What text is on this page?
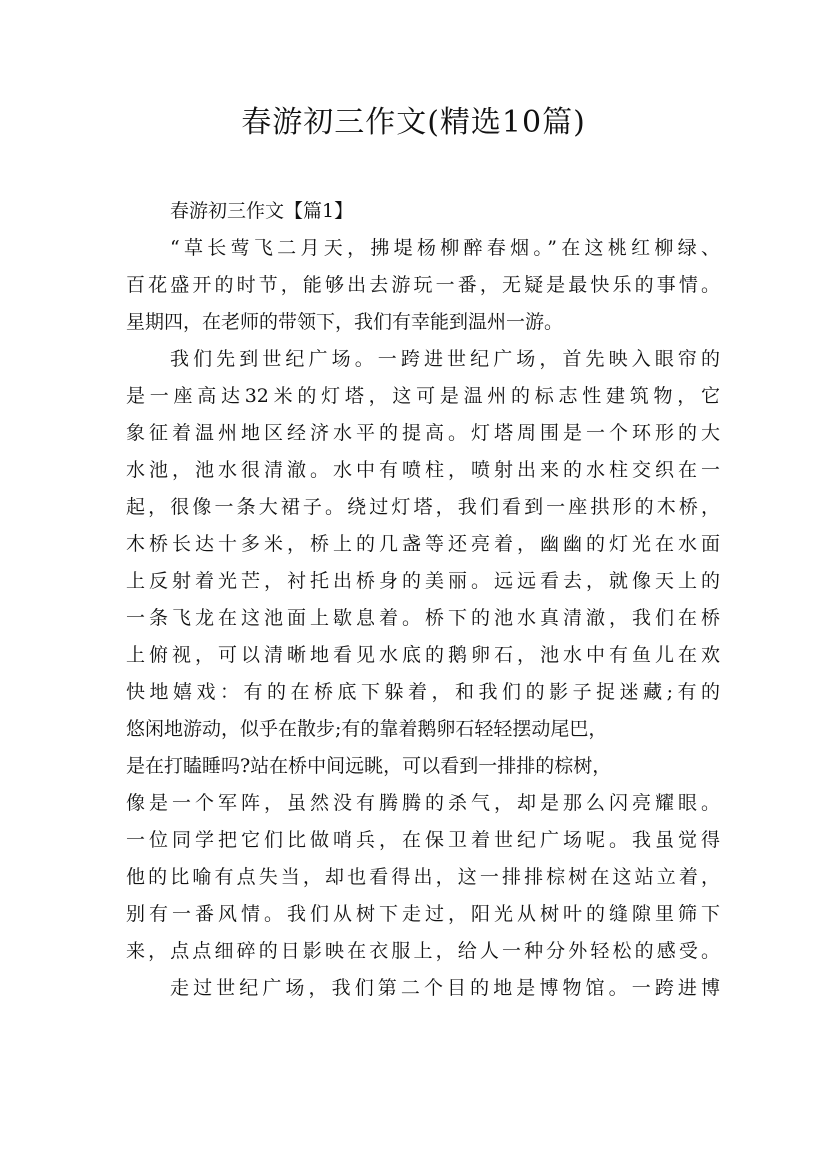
春游初三作文(精选10篇)
春游初三作文【篇1】
“草长莺飞二月天，拂堤杨柳醉春烟。”在这桃红柳绿、
百花盛开的时节，能够出去游玩一番，无疑是最快乐的事情。
星期四，在老师的带领下，我们有幸能到温州一游。
我们先到世纪广场。一跨进世纪广场，首先映入眼帘的
是一座高达32米的灯塔，这可是温州的标志性建筑物，它
象征着温州地区经济水平的提高。灯塔周围是一个环形的大
水池，池水很清澈。水中有喷柱，喷射出来的水柱交织在一
起，很像一条大裙子。绕过灯塔，我们看到一座拱形的木桥，
木桥长达十多米，桥上的几盏等还亮着，幽幽的灯光在水面
上反射着光芒，衬托出桥身的美丽。远远看去，就像天上的
一条飞龙在这池面上歇息着。桥下的池水真清澈，我们在桥
上俯视，可以清晰地看见水底的鹅卵石，池水中有鱼儿在欢
快地嬉戏：有的在桥底下躲着，和我们的影子捉迷藏;有的
悠闲地游动，似乎在散步;有的靠着鹅卵石轻轻摆动尾巴，
是在打瞌睡吗?站在桥中间远眺，可以看到一排排的棕树，
像是一个军阵，虽然没有腾腾的杀气，却是那么闪亮耀眼。
一位同学把它们比做哨兵，在保卫着世纪广场呢。我虽觉得
他的比喻有点失当，却也看得出，这一排排棕树在这站立着，
别有一番风情。我们从树下走过，阳光从树叶的缝隙里筛下
来，点点细碎的日影映在衣服上，给人一种分外轻松的感受。
走过世纪广场，我们第二个目的地是博物馆。一跨进博
